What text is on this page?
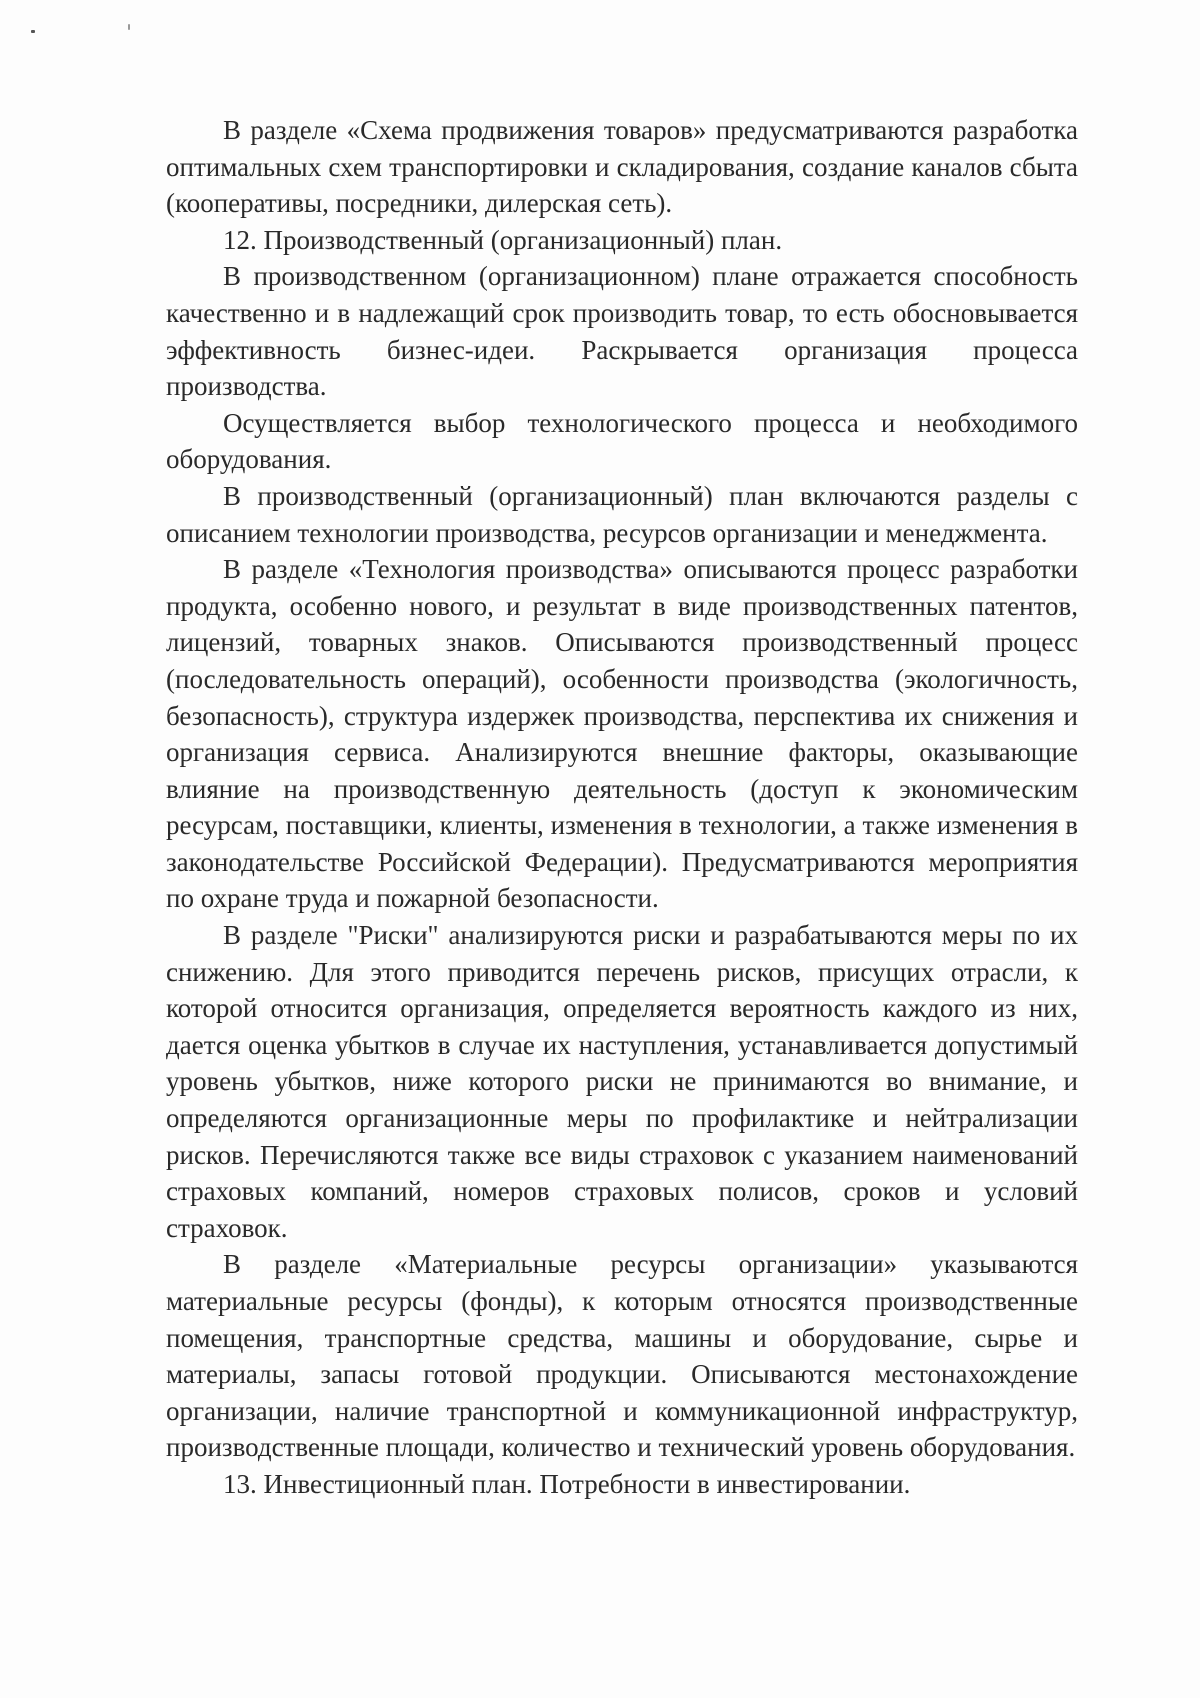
В разделе «Схема продвижения товаров» предусматриваются разработка оптимальных схем транспортировки и складирования, создание каналов сбыта (кооперативы, посредники, дилерская сеть).

12. Производственный (организационный) план.

В производственном (организационном) плане отражается способность качественно и в надлежащий срок производить товар, то есть обосновывается эффективность бизнес-идеи. Раскрывается организация процесса производства.

Осуществляется выбор технологического процесса и необходимого оборудования.

В производственный (организационный) план включаются разделы с описанием технологии производства, ресурсов организации и менеджмента.

В разделе «Технология производства» описываются процесс разработки продукта, особенно нового, и результат в виде производственных патентов, лицензий, товарных знаков. Описываются производственный процесс (последовательность операций), особенности производства (экологичность, безопасность), структура издержек производства, перспектива их снижения и организация сервиса. Анализируются внешние факторы, оказывающие влияние на производственную деятельность (доступ к экономическим ресурсам, поставщики, клиенты, изменения в технологии, а также изменения в законодательстве Российской Федерации). Предусматриваются мероприятия по охране труда и пожарной безопасности.

В разделе "Риски" анализируются риски и разрабатываются меры по их снижению. Для этого приводится перечень рисков, присущих отрасли, к которой относится организация, определяется вероятность каждого из них, дается оценка убытков в случае их наступления, устанавливается допустимый уровень убытков, ниже которого риски не принимаются во внимание, и определяются организационные меры по профилактике и нейтрализации рисков. Перечисляются также все виды страховок с указанием наименований страховых компаний, номеров страховых полисов, сроков и условий страховок.

В разделе «Материальные ресурсы организации» указываются материальные ресурсы (фонды), к которым относятся производственные помещения, транспортные средства, машины и оборудование, сырье и материалы, запасы готовой продукции. Описываются местонахождение организации, наличие транспортной и коммуникационной инфраструктур, производственные площади, количество и технический уровень оборудования.

13. Инвестиционный план. Потребности в инвестировании.
